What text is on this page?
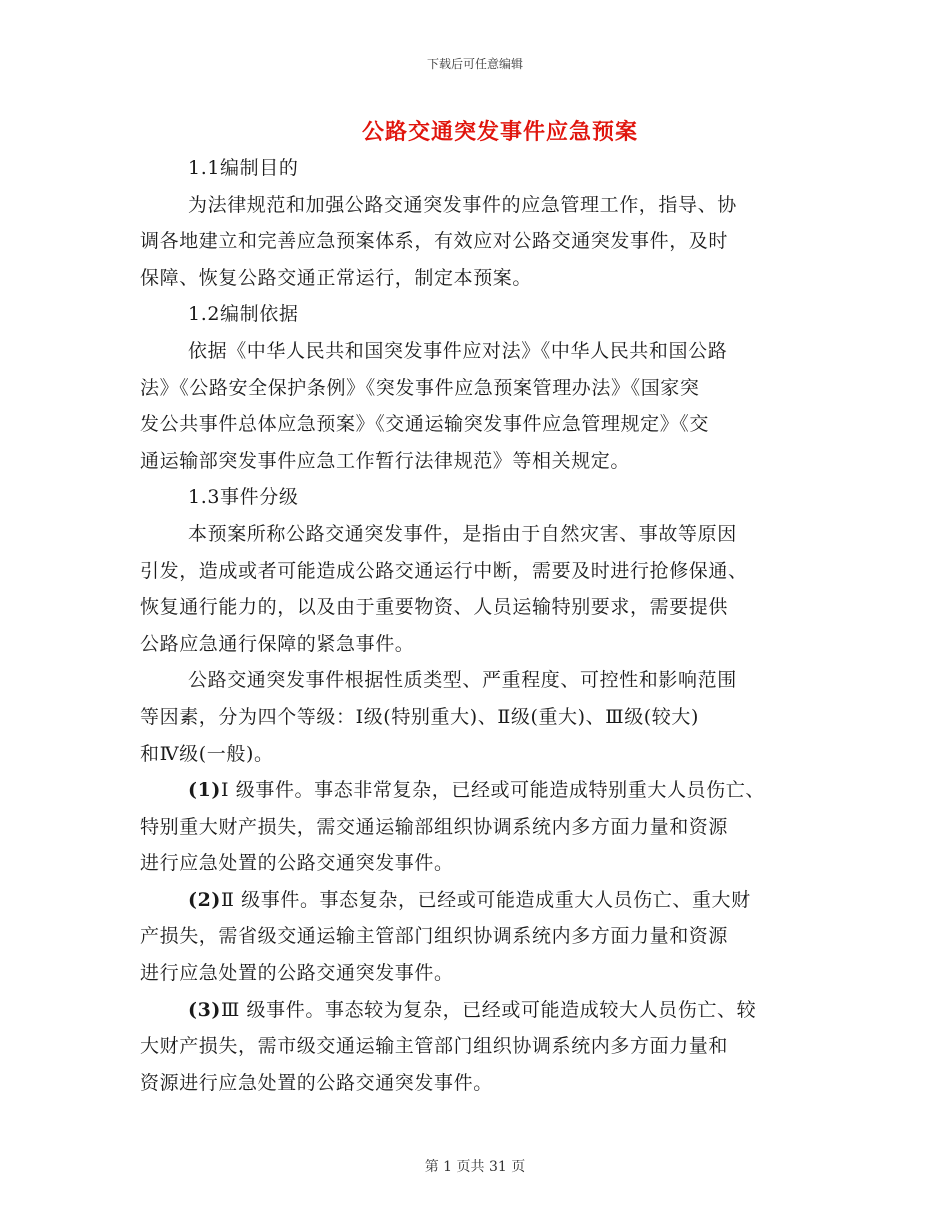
下载后可任意编辑
公路交通突发事件应急预案
1.1编制目的
为法律规范和加强公路交通突发事件的应急管理工作，指导、协
调各地建立和完善应急预案体系，有效应对公路交通突发事件，及时
保障、恢复公路交通正常运行，制定本预案。
1.2编制依据
依据《中华人民共和国突发事件应对法》《中华人民共和国公路
法》《公路安全保护条例》《突发事件应急预案管理办法》《国家突
发公共事件总体应急预案》《交通运输突发事件应急管理规定》《交
通运输部突发事件应急工作暂行法律规范》等相关规定。
1.3事件分级
本预案所称公路交通突发事件，是指由于自然灾害、事故等原因
引发，造成或者可能造成公路交通运行中断，需要及时进行抢修保通、
恢复通行能力的，以及由于重要物资、人员运输特别要求，需要提供
公路应急通行保障的紧急事件。
公路交通突发事件根据性质类型、严重程度、可控性和影响范围
等因素，分为四个等级：Ⅰ级(特别重大)、Ⅱ级(重大)、Ⅲ级(较大)
和Ⅳ级(一般)。
(1)Ⅰ 级事件。事态非常复杂，已经或可能造成特别重大人员伤亡、
特别重大财产损失，需交通运输部组织协调系统内多方面力量和资源
进行应急处置的公路交通突发事件。
(2)Ⅱ 级事件。事态复杂，已经或可能造成重大人员伤亡、重大财
产损失，需省级交通运输主管部门组织协调系统内多方面力量和资源
进行应急处置的公路交通突发事件。
(3)Ⅲ 级事件。事态较为复杂，已经或可能造成较大人员伤亡、较
大财产损失，需市级交通运输主管部门组织协调系统内多方面力量和
资源进行应急处置的公路交通突发事件。
第 1 页共 31 页
